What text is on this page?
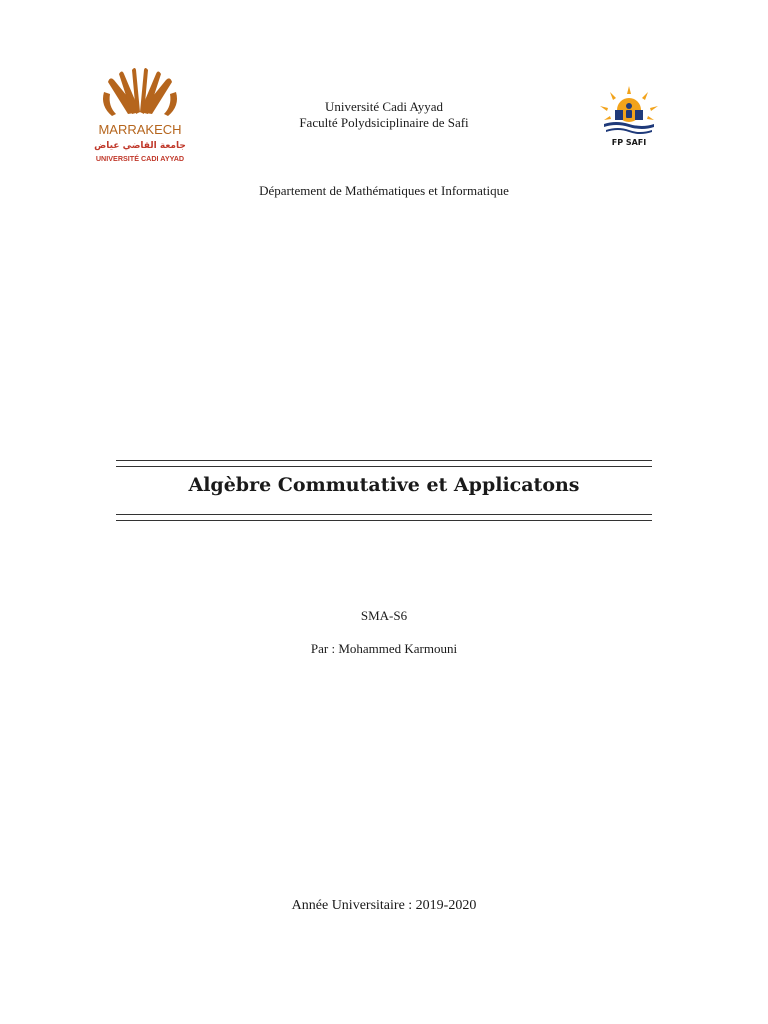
MARRAKECH
جامعة القاضي عياض
UNIVERSITÉ CADI AYYAD
FP SAFI
Université Cadi Ayyad
Faculté Polydsiciplinaire de Safi
Département de Mathématiques et Informatique
Algèbre Commutative et Applicatons
SMA-S6
Par : Mohammed Karmouni
Année Universitaire : 2019-2020
